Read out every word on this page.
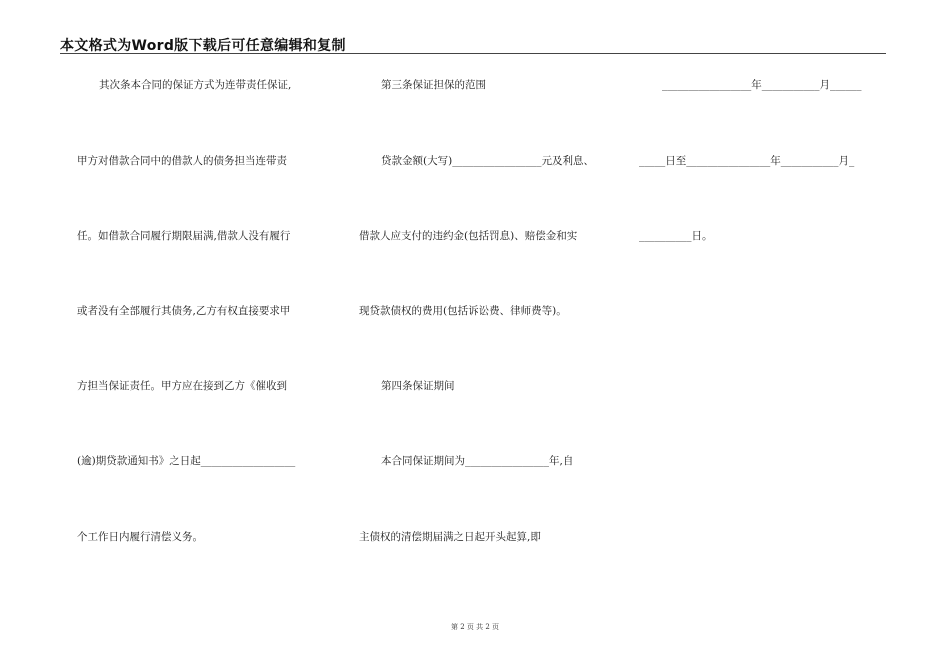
本文格式为Word版下载后可任意编辑和复制
其次条本合同的保证方式为连带责任保证,
甲方对借款合同中的借款人的债务担当连带责
任。如借款合同履行期限届满,借款人没有履行
或者没有全部履行其债务,乙方有权直接要求甲
方担当保证责任。甲方应在接到乙方《催收到
(逾)期贷款通知书》之日起__________________
个工作日内履行清偿义务。
第三条保证担保的范围
贷款金额(大写)_________________元及利息、
借款人应支付的违约金(包括罚息)、赔偿金和实
现贷款债权的费用(包括诉讼费、律师费等)。
第四条保证期间
本合同保证期间为________________年,自
主债权的清偿期届满之日起开头起算,即
_________________年___________月______
_____日至________________年___________月_
__________日。
第 2 页 共 2 页
